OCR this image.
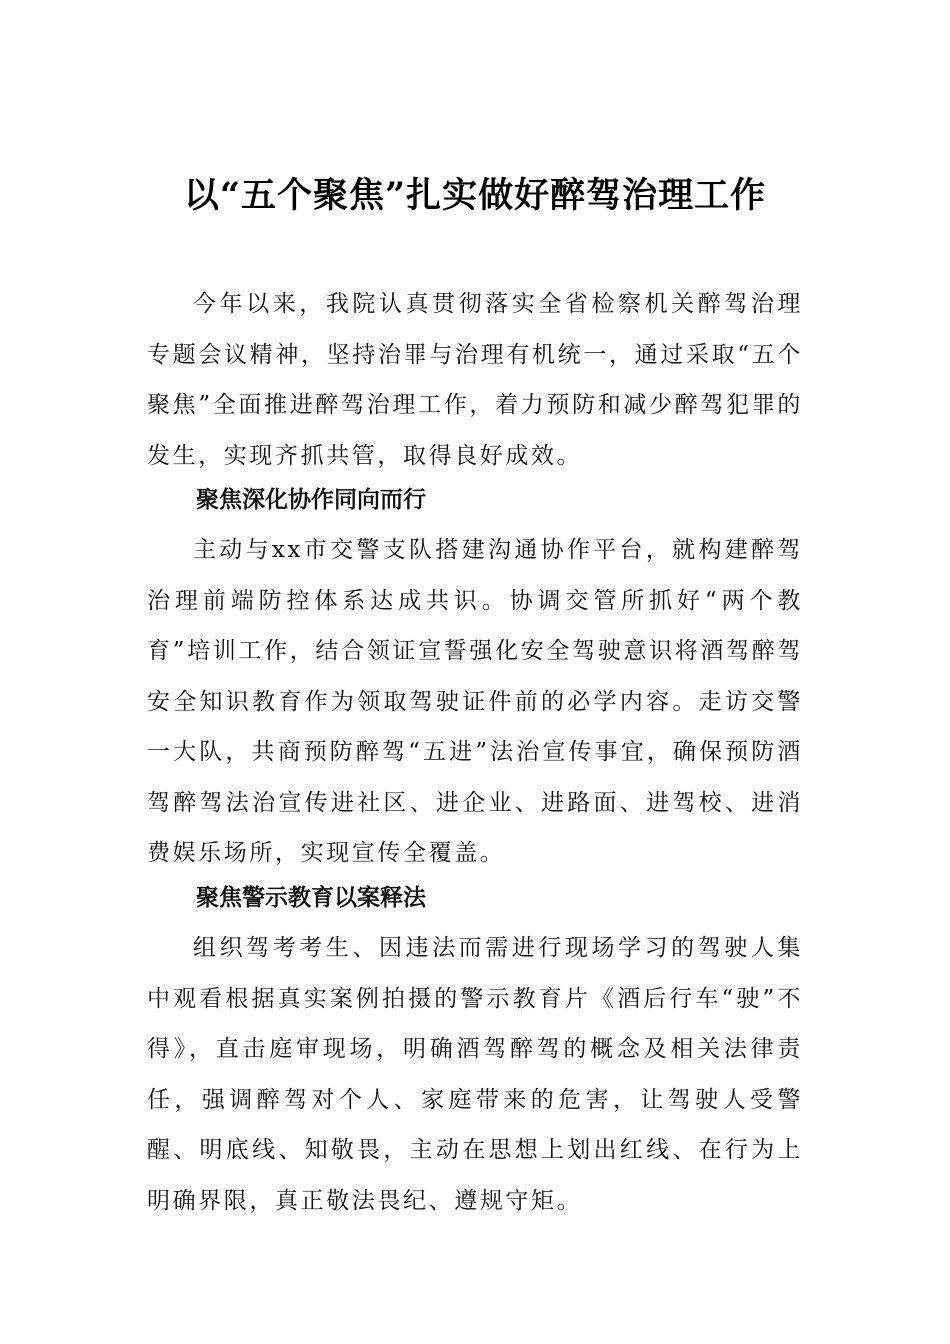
以“五个聚焦”扎实做好醉驾治理工作

今年以来，我院认真贯彻落实全省检察机关醉驾治理专题会议精神，坚持治罪与治理有机统一，通过采取“五个聚焦”全面推进醉驾治理工作，着力预防和减少醉驾犯罪的发生，实现齐抓共管，取得良好成效。

聚焦深化协作同向而行

主动与xx市交警支队搭建沟通协作平台，就构建醉驾治理前端防控体系达成共识。协调交管所抓好“两个教育”培训工作，结合领证宣誓强化安全驾驶意识将酒驾醉驾安全知识教育作为领取驾驶证件前的必学内容。走访交警一大队，共商预防醉驾“五进”法治宣传事宜，确保预防酒驾醉驾法治宣传进社区、进企业、进路面、进驾校、进消费娱乐场所，实现宣传全覆盖。

聚焦警示教育以案释法

组织驾考考生、因违法而需进行现场学习的驾驶人集中观看根据真实案例拍摄的警示教育片《酒后行车“驶”不得》，直击庭审现场，明确酒驾醉驾的概念及相关法律责任，强调醉驾对个人、家庭带来的危害，让驾驶人受警醒、明底线、知敬畏，主动在思想上划出红线、在行为上明确界限，真正敬法畏纪、遵规守矩。
